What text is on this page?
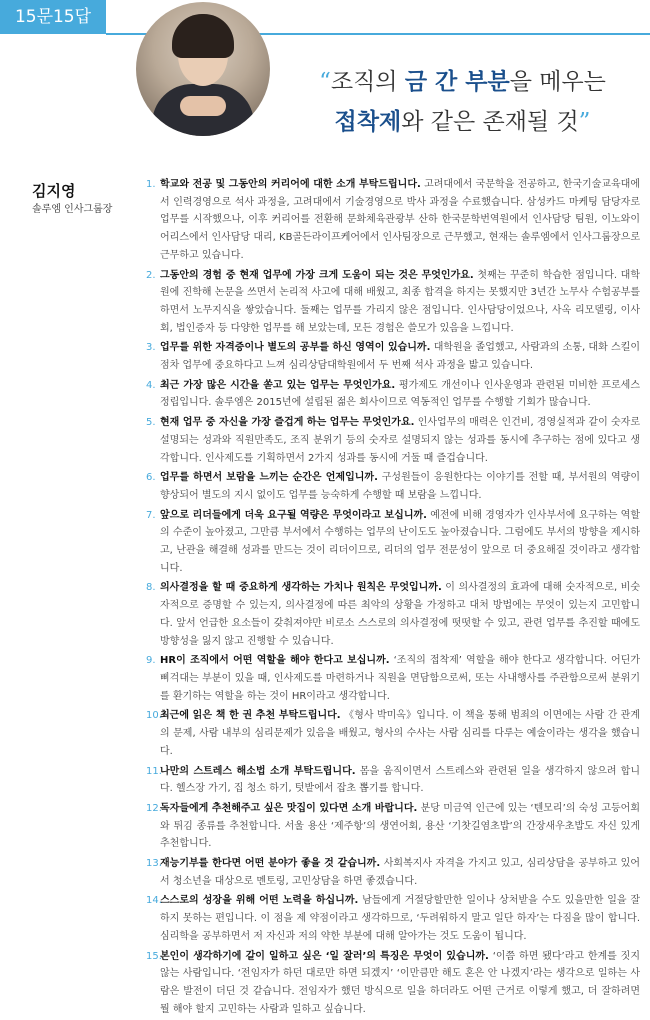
15문15답
“조직의 금 간 부분을 메우는
접착제와 같은 존재될 것”
김지영
솔루엠 인사그룹장
1. 학교와 전공 및 그동안의 커리어에 대한 소개 부탁드립니다. 고려대에서 국문학을 전공하고, 한국기술교육대에서 인력경영으로 석사 과정을, 고려대에서 기술경영으로 박사 과정을 수료했습니다. 삼성카드 마케팅 담당자로 업무를 시작했으나, 이후 커리어를 전환해 문화체육관광부 산하 한국문학번역원에서 인사담당 팀원, 이노와이어리스에서 인사담당 대리, KB골든라이프케어에서 인사팀장으로 근무했고, 현재는 솔루엠에서 인사그룹장으로 근무하고 있습니다.
2. 그동안의 경험 중 현재 업무에 가장 크게 도움이 되는 것은 무엇인가요. 첫째는 꾸준히 학습한 점입니다. 대학원에 진학해 논문을 쓰면서 논리적 사고에 대해 배웠고, 최종 합격을 하지는 못했지만 3년간 노무사 수험공부를 하면서 노무지식을 쌓았습니다. 둘째는 업무를 가리지 않은 점입니다. 인사담당이었으나, 사옥 리모델링, 이사회, 법인증자 등 다양한 업무를 해 보았는데, 모든 경험은 쓸모가 있음을 느낍니다.
3. 업무를 위한 자격증이나 별도의 공부를 하신 영역이 있습니까. 대학원을 졸업했고, 사람과의 소통, 대화 스킬이 점차 업무에 중요하다고 느껴 심리상담대학원에서 두 번째 석사 과정을 밟고 있습니다.
4. 최근 가장 많은 시간을 쏟고 있는 업무는 무엇인가요. 평가제도 개선이나 인사운영과 관련된 미비한 프로세스 정립입니다. 솔루엠은 2015년에 설립된 젊은 회사이므로 역동적인 업무를 수행할 기회가 많습니다.
5. 현재 업무 중 자신을 가장 즐겁게 하는 업무는 무엇인가요. 인사업무의 매력은 인건비, 경영실적과 같이 숫자로 설명되는 성과와 직원만족도, 조직 분위기 등의 숫자로 설명되지 않는 성과를 동시에 추구하는 점에 있다고 생각합니다. 인사제도를 기획하면서 2가지 성과를 동시에 거둘 때 즐겁습니다.
6. 업무를 하면서 보람을 느끼는 순간은 언제입니까. 구성원들이 응원한다는 이야기를 전할 때, 부서원의 역량이 향상되어 별도의 지시 없이도 업무를 능숙하게 수행할 때 보람을 느낍니다.
7. 앞으로 리더들에게 더욱 요구될 역량은 무엇이라고 보십니까. 예전에 비해 경영자가 인사부서에 요구하는 역할의 수준이 높아졌고, 그만큼 부서에서 수행하는 업무의 난이도도 높아졌습니다. 그럼에도 부서의 방향을 제시하고, 난관을 해결해 성과를 만드는 것이 리더이므로, 리더의 업무 전문성이 앞으로 더 중요해질 것이라고 생각합니다.
8. 의사결정을 할 때 중요하게 생각하는 가치나 원칙은 무엇입니까. 이 의사결정의 효과에 대해 숫자적으로, 비숫자적으로 증명할 수 있는지, 의사결정에 따른 최악의 상황을 가정하고 대처 방법에는 무엇이 있는지 고민합니다. 앞서 언급한 요소들이 갖춰져야만 비로소 스스로의 의사결정에 떳떳할 수 있고, 관련 업무를 추진할 때에도 방향성을 잃지 않고 진행할 수 있습니다.
9. HR이 조직에서 어떤 역할을 해야 한다고 보십니까. ‘조직의 접착제’ 역할을 해야 한다고 생각합니다. 어딘가 삐걱대는 부분이 있을 때, 인사제도를 마련하거나 직원을 면담함으로써, 또는 사내행사를 주관함으로써 분위기를 환기하는 역할을 하는 것이 HR이라고 생각합니다.
10.
최근에 읽은 책 한 권 추천 부탁드립니다. 《형사 박미옥》입니다. 이 책을 통해 범죄의 이면에는 사람 간 관계의 문제, 사람 내부의 심리문제가 있음을 배웠고, 형사의 수사는 사람 심리를 다루는 예술이라는 생각을 했습니다.
11.
나만의 스트레스 해소법 소개 부탁드립니다. 몸을 움직이면서 스트레스와 관련된 일을 생각하지 않으려 합니다. 헬스장 가기, 집 청소 하기, 텃밭에서 잡초 뽑기를 합니다.
12.
독자들에게 추천해주고 싶은 맛집이 있다면 소개 바랍니다. 분당 미금역 인근에 있는 ‘텐모리’의 숙성 고등어회와 튀김 종류를 추천합니다. 서울 용산 ‘제주항’의 생연어회, 용산 ‘기찻길염초밥’의 간장새우초밥도 자신 있게 추천합니다.
13.
재능기부를 한다면 어떤 분야가 좋을 것 같습니까. 사회복지사 자격을 가지고 있고, 심리상담을 공부하고 있어서 청소년을 대상으로 멘토링, 고민상담을 하면 좋겠습니다.
14.
스스로의 성장을 위해 어떤 노력을 하십니까. 남들에게 거절당할만한 일이나 상처받을 수도 있을만한 일을 잘하지 못하는 편입니다. 이 점을 제 약점이라고 생각하므로, ‘두려워하지 말고 일단 하자’는 다짐을 많이 합니다. 심리학을 공부하면서 저 자신과 저의 약한 부분에 대해 알아가는 것도 도움이 됩니다.
15.
본인이 생각하기에 같이 일하고 싶은 ‘일 잘러’의 특징은 무엇이 있습니까. ‘이쯤 하면 됐다’라고 한계를 짓지 않는 사람입니다. ‘전임자가 하던 대로만 하면 되겠지’ ‘이만큼만 해도 혼은 안 나겠지’라는 생각으로 일하는 사람은 발전이 더딘 것 같습니다. 전임자가 했던 방식으로 일을 하더라도 어떤 근거로 이렇게 했고, 더 잘하려면 뭘 해야 할지 고민하는 사람과 일하고 싶습니다.
